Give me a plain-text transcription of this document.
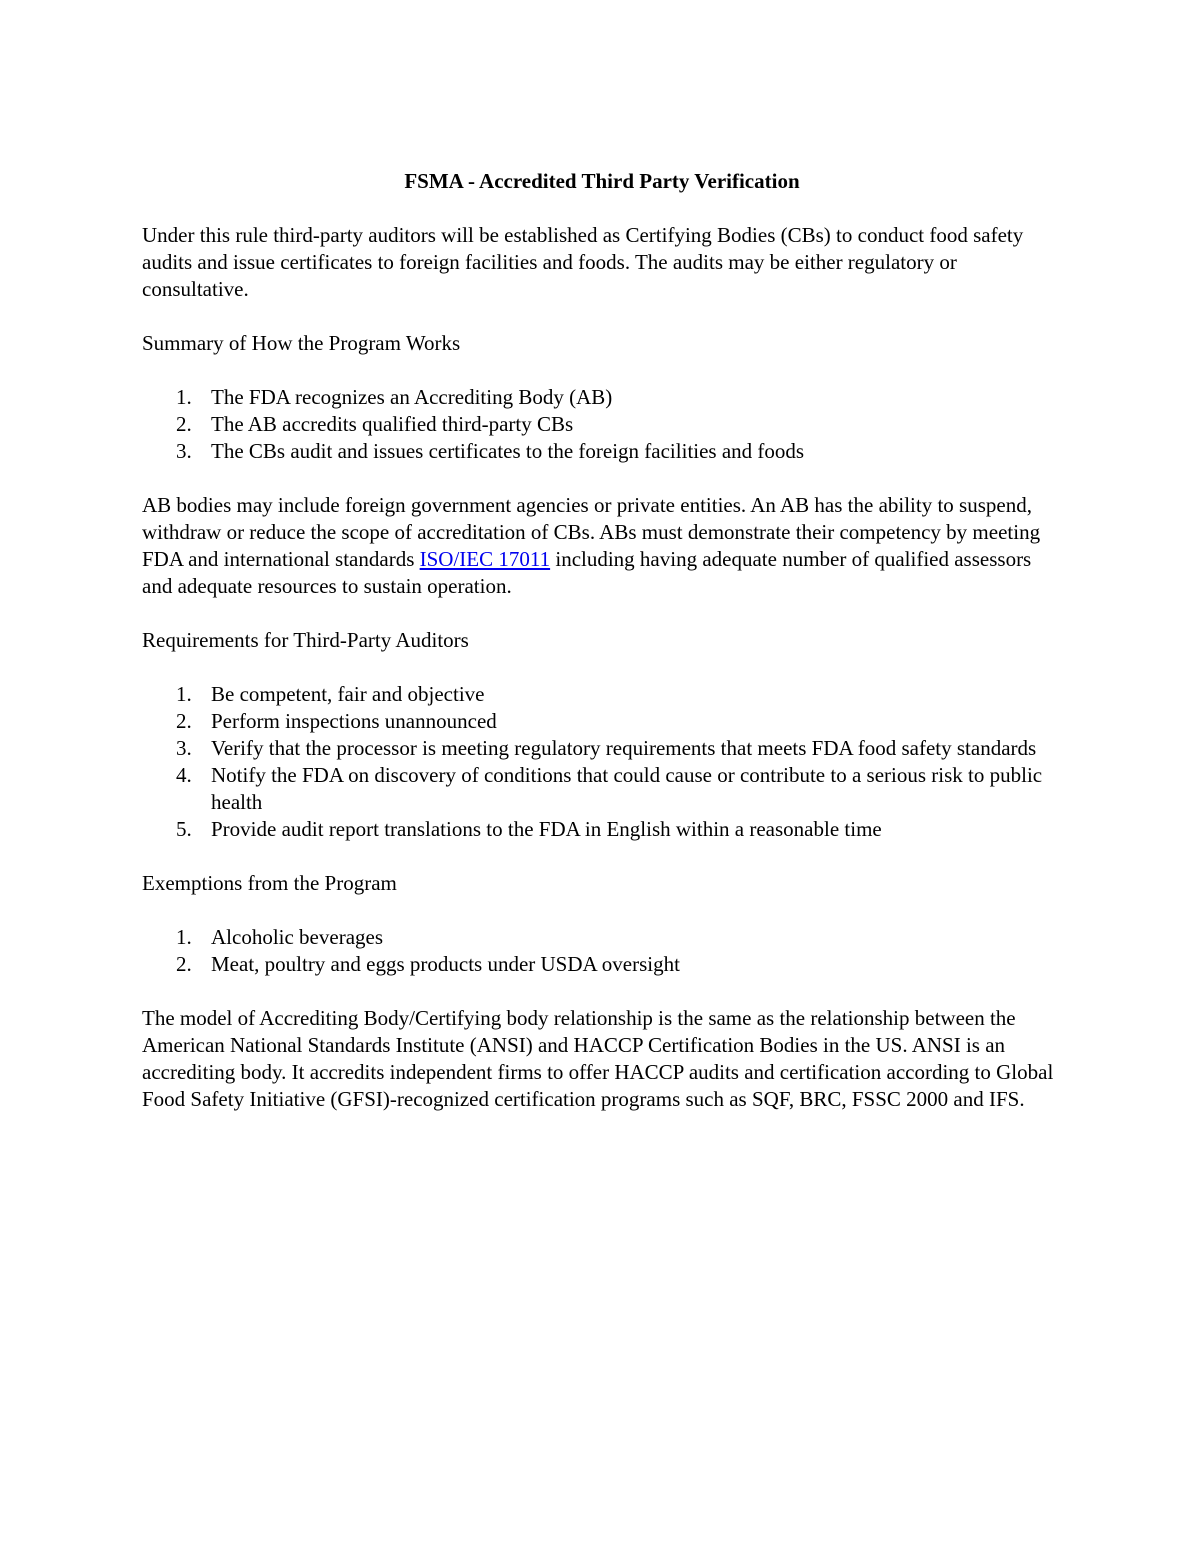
FSMA - Accredited Third Party Verification

Under this rule third-party auditors will be established as Certifying Bodies (CBs) to conduct food safety audits and issue certificates to foreign facilities and foods. The audits may be either regulatory or consultative.

Summary of How the Program Works

1. The FDA recognizes an Accrediting Body (AB)
2. The AB accredits qualified third-party CBs
3. The CBs audit and issues certificates to the foreign facilities and foods

AB bodies may include foreign government agencies or private entities. An AB has the ability to suspend, withdraw or reduce the scope of accreditation of CBs. ABs must demonstrate their competency by meeting FDA and international standards ISO/IEC 17011 including having adequate number of qualified assessors and adequate resources to sustain operation.

Requirements for Third-Party Auditors

1. Be competent, fair and objective
2. Perform inspections unannounced
3. Verify that the processor is meeting regulatory requirements that meets FDA food safety standards
4. Notify the FDA on discovery of conditions that could cause or contribute to a serious risk to public health
5. Provide audit report translations to the FDA in English within a reasonable time

Exemptions from the Program

1. Alcoholic beverages
2. Meat, poultry and eggs products under USDA oversight

The model of Accrediting Body/Certifying body relationship is the same as the relationship between the American National Standards Institute (ANSI) and HACCP Certification Bodies in the US. ANSI is an accrediting body. It accredits independent firms to offer HACCP audits and certification according to Global Food Safety Initiative (GFSI)-recognized certification programs such as SQF, BRC, FSSC 2000 and IFS.
